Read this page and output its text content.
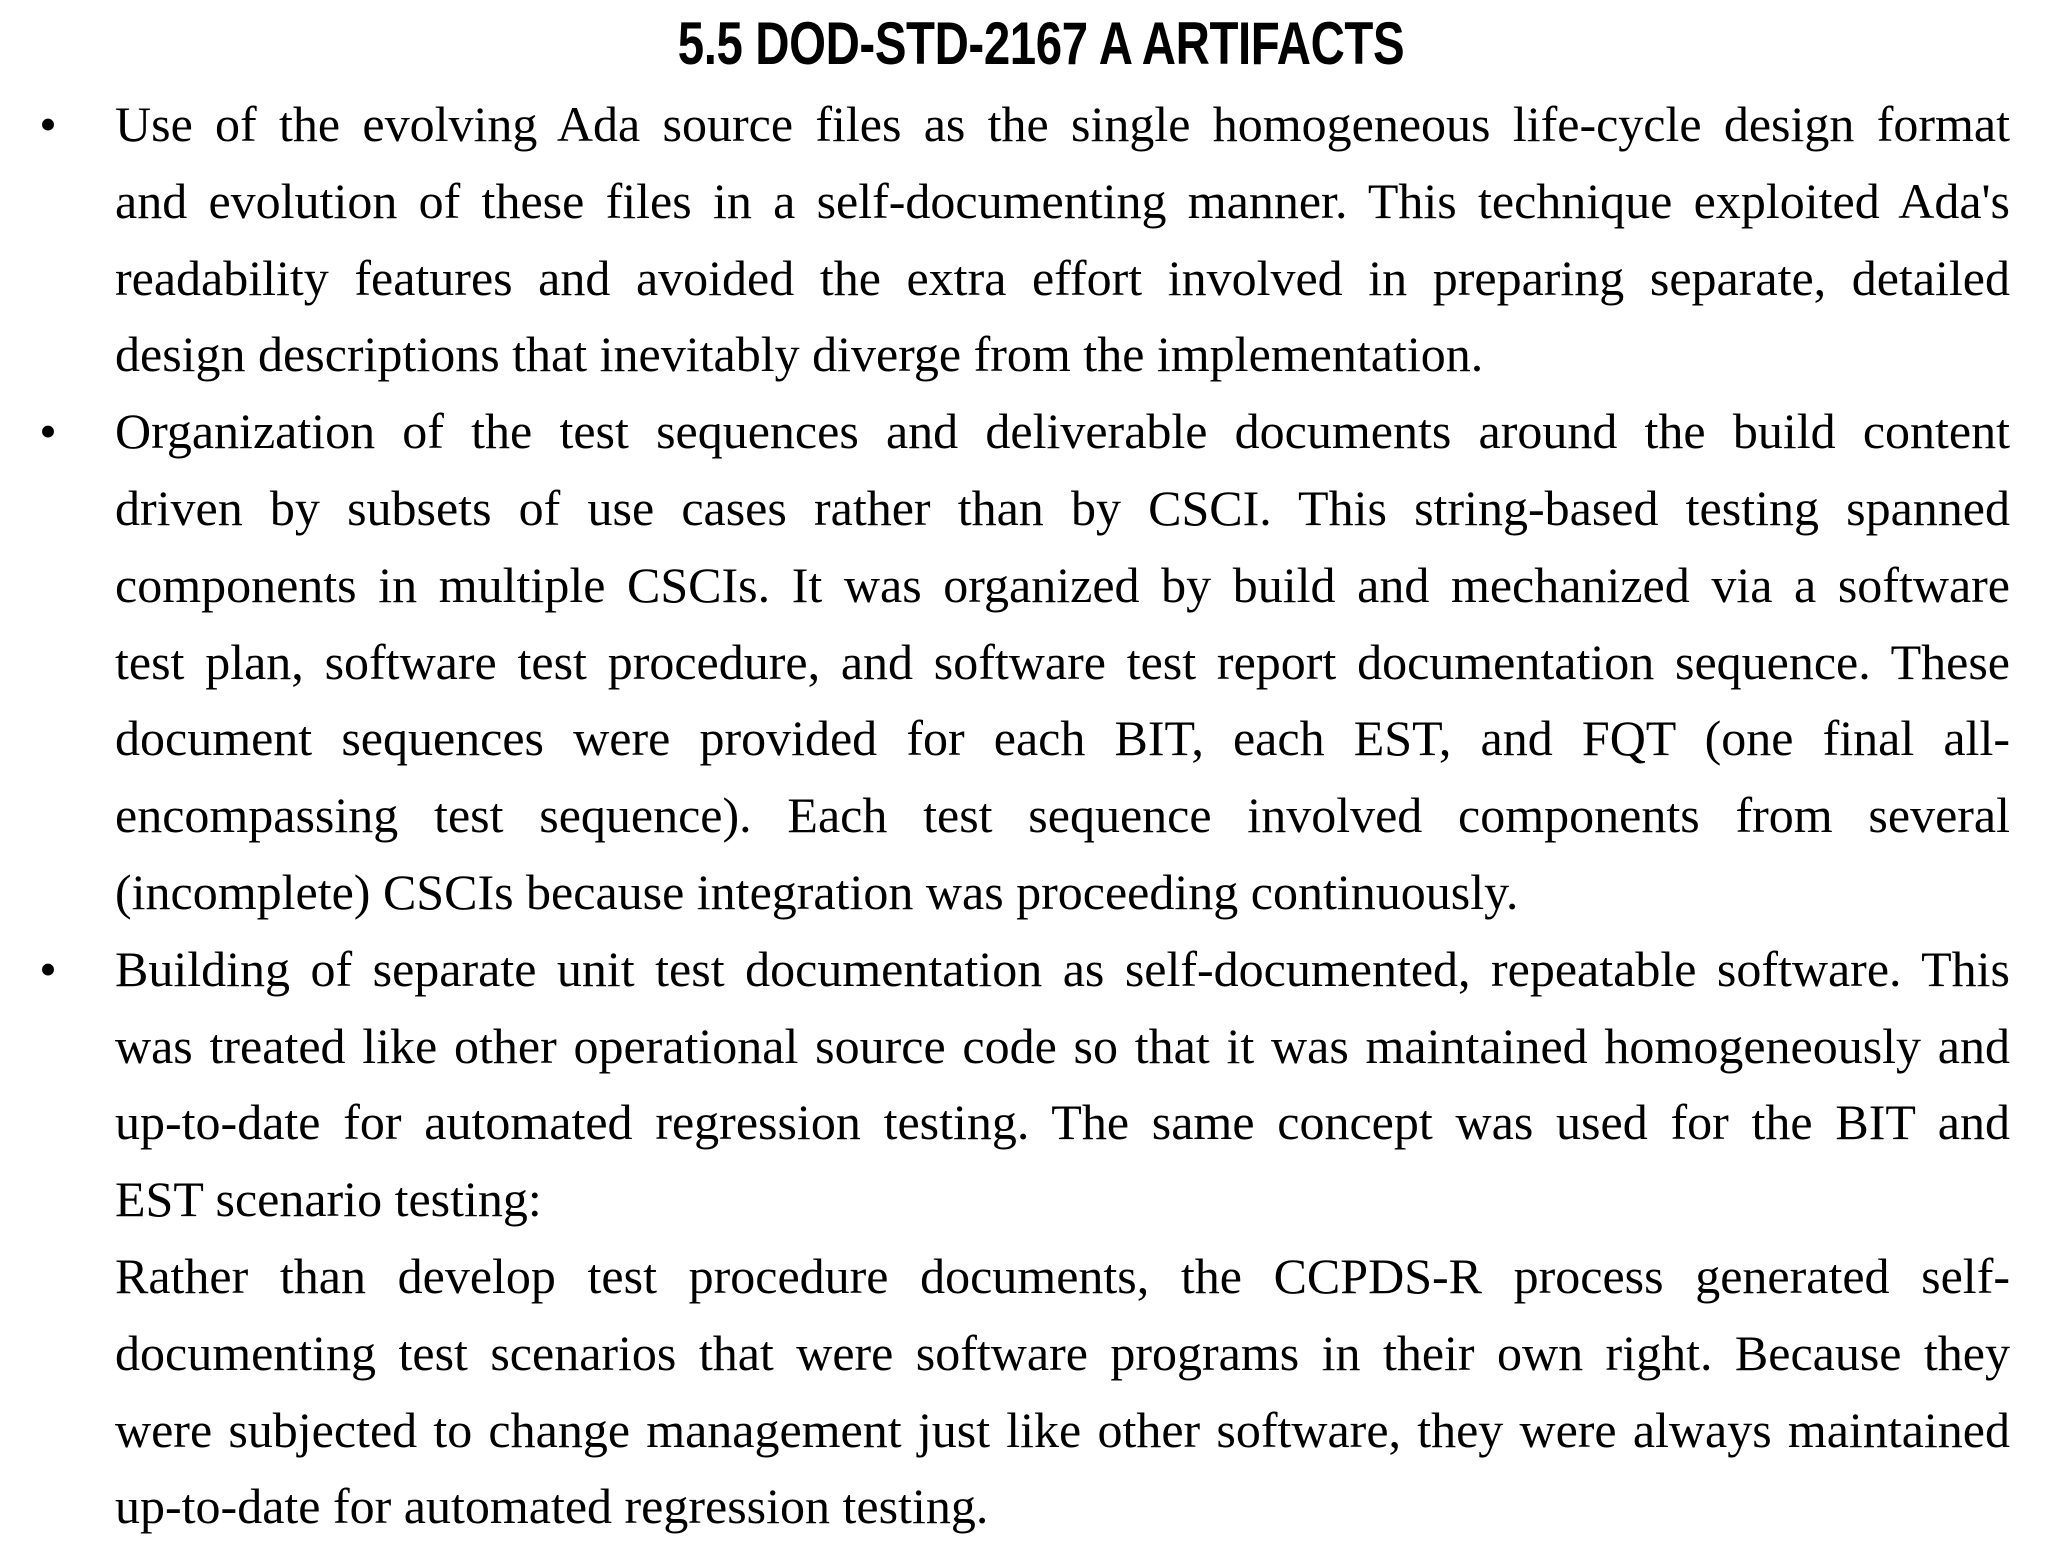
5.5 DOD-STD-2167 A ARTIFACTS
• Use of the evolving Ada source files as the single homogeneous life-cycle design format
and evolution of these files in a self-documenting manner. This technique exploited Ada's
readability features and avoided the extra effort involved in preparing separate, detailed
design descriptions that inevitably diverge from the implementation.
• Organization of the test sequences and deliverable documents around the build content
driven by subsets of use cases rather than by CSCI. This string-based testing spanned
components in multiple CSCIs. It was organized by build and mechanized via a software
test plan, software test procedure, and software test report documentation sequence. These
document sequences were provided for each BIT, each EST, and FQT (one final all-
encompassing test sequence). Each test sequence involved components from several
(incomplete) CSCIs because integration was proceeding continuously.
• Building of separate unit test documentation as self-documented, repeatable software. This
was treated like other operational source code so that it was maintained homogeneously and
up-to-date for automated regression testing. The same concept was used for the BIT and
EST scenario testing:
Rather than develop test procedure documents, the CCPDS-R process generated self-
documenting test scenarios that were software programs in their own right. Because they
were subjected to change management just like other software, they were always maintained
up-to-date for automated regression testing.
